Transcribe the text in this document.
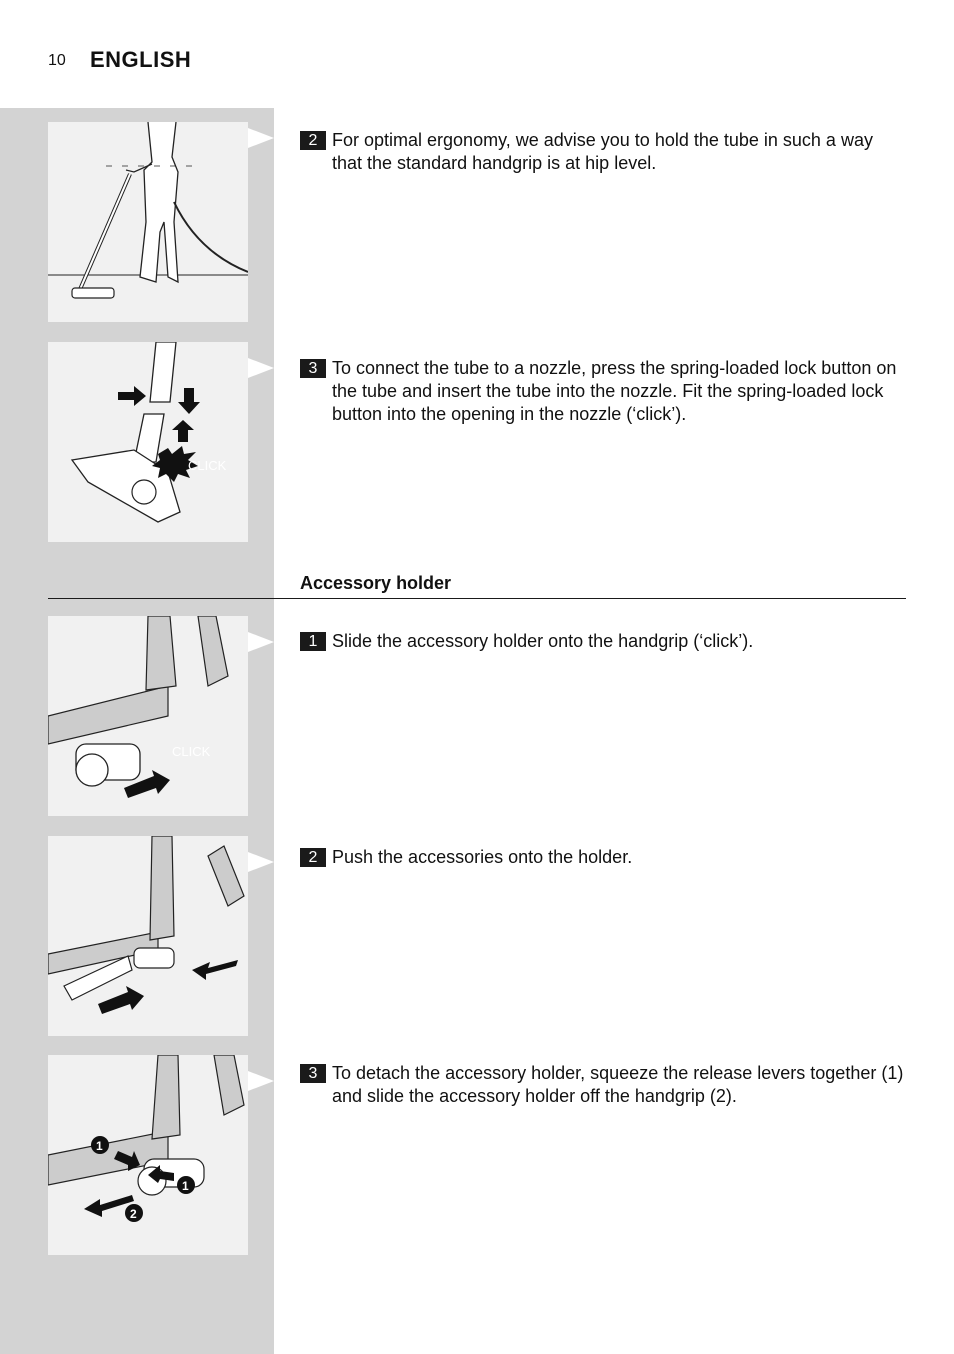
10 ENGLISH
CLICK
CLICK
1
1
2
2 For optimal ergonomy, we advise you to hold the tube in such a way that the standard handgrip is at hip level.
3 To connect the tube to a nozzle, press the spring-loaded lock button on the tube and insert the tube into the nozzle. Fit the spring-loaded lock button into the opening in the nozzle (‘click’).
Accessory holder
1 Slide the accessory holder onto the handgrip (‘click’).
2 Push the accessories onto the holder.
3 To detach the accessory holder, squeeze the release levers together (1) and slide the accessory holder off the handgrip (2).
